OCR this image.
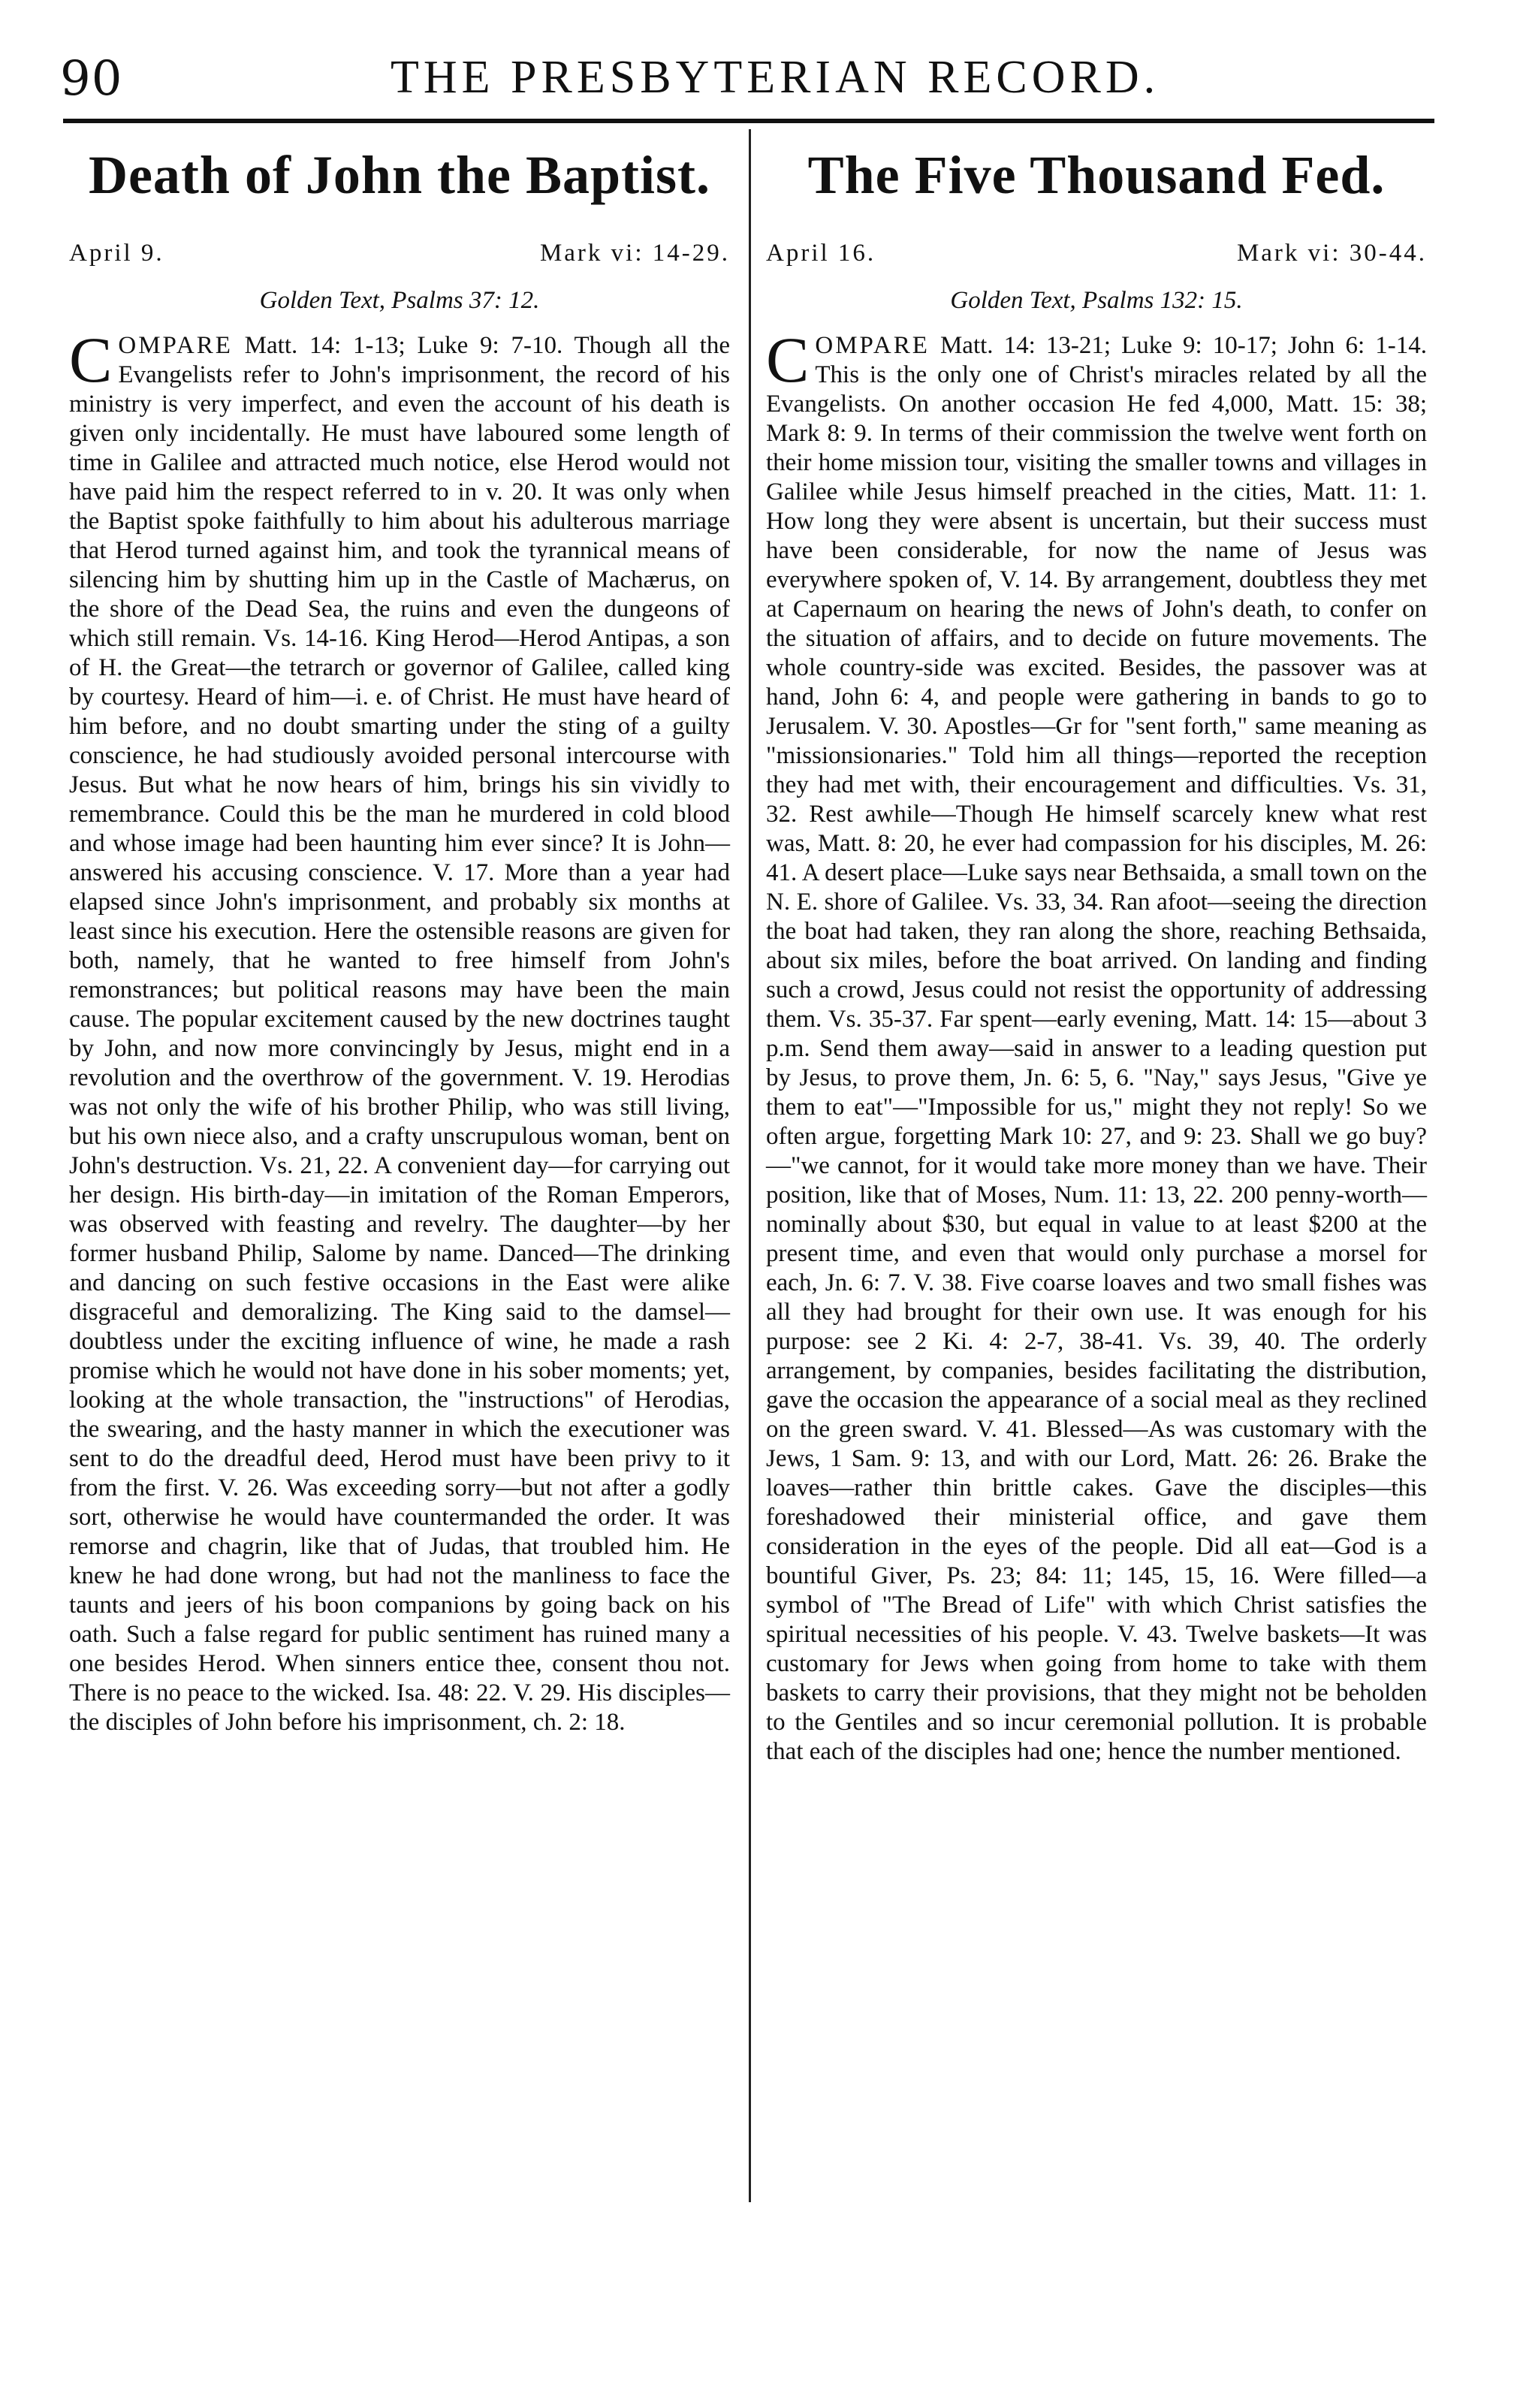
90	THE PRESBYTERIAN RECORD.
Death of John the Baptist.
April 9.	Mark vi: 14-29.
Golden Text, Psalms 37: 12.

COMPARE Matt. 14: 1-13; Luke 9: 7-10. Though all the Evangelists refer to John's imprisonment, the record of his ministry is very imperfect, and even the account of his death is given only incidentally. He must have laboured some length of time in Galilee and attracted much notice, else Herod would not have paid him the respect referred to in v. 20. It was only when the Baptist spoke faithfully to him about his adulterous marriage that Herod turned against him, and took the tyrannical means of silencing him by shutting him up in the Castle of Machærus, on the shore of the Dead Sea, the ruins and even the dungeons of which still remain. Vs. 14-16. King Herod—Herod Antipas, a son of H. the Great—the tetrarch or governor of Galilee, called king by courtesy. Heard of him—i. e. of Christ. He must have heard of him before, and no doubt smarting under the sting of a guilty conscience, he had studiously avoided personal intercourse with Jesus. But what he now hears of him, brings his sin vividly to remembrance. Could this be the man he murdered in cold blood and whose image had been haunting him ever since? It is John—answered his accusing conscience. V. 17. More than a year had elapsed since John's imprisonment, and probably six months at least since his execution. Here the ostensible reasons are given for both, namely, that he wanted to free himself from John's remonstrances; but political reasons may have been the main cause. The popular excitement caused by the new doctrines taught by John, and now more convincingly by Jesus, might end in a revolution and the overthrow of the government. V. 19. Herodias was not only the wife of his brother Philip, who was still living, but his own niece also, and a crafty unscrupulous woman, bent on John's destruction. Vs. 21, 22. A convenient day—for carrying out her design. His birth-day—in imitation of the Roman Emperors, was observed with feasting and revelry. The daughter—by her former husband Philip, Salome by name. Danced—The drinking and dancing on such festive occasions in the East were alike disgraceful and demoralizing. The King said to the damsel—doubtless under the exciting influence of wine, he made a rash promise which he would not have done in his sober moments; yet, looking at the whole transaction, the "instructions" of Herodias, the swearing, and the hasty manner in which the executioner was sent to do the dreadful deed, Herod must have been privy to it from the first. V. 26. Was exceeding sorry—but not after a godly sort, otherwise he would have countermanded the order. It was remorse and chagrin, like that of Judas, that troubled him. He knew he had done wrong, but had not the manliness to face the taunts and jeers of his boon companions by going back on his oath. Such a false regard for public sentiment has ruined many a one besides Herod. When sinners entice thee, consent thou not. There is no peace to the wicked. Isa. 48: 22. V. 29. His disciples—the disciples of John before his imprisonment, ch. 2: 18.

The Five Thousand Fed.
April 16.	Mark vi: 30-44.
Golden Text, Psalms 132: 15.

COMPARE Matt. 14: 13-21; Luke 9: 10-17; John 6: 1-14. This is the only one of Christ's miracles related by all the Evangelists. On another occasion He fed 4,000, Matt. 15: 38; Mark 8: 9. In terms of their commission the twelve went forth on their home mission tour, visiting the smaller towns and villages in Galilee while Jesus himself preached in the cities, Matt. 11: 1. How long they were absent is uncertain, but their success must have been considerable, for now the name of Jesus was everywhere spoken of, V. 14. By arrangement, doubtless they met at Capernaum on hearing the news of John's death, to confer on the situation of affairs, and to decide on future movements. The whole country-side was excited. Besides, the passover was at hand, John 6: 4, and people were gathering in bands to go to Jerusalem. V. 30. Apostles—Gr for "sent forth," same meaning as "missionsionaries." Told him all things—reported the reception they had met with, their encouragement and difficulties. Vs. 31, 32. Rest awhile—Though He himself scarcely knew what rest was, Matt. 8: 20, he ever had compassion for his disciples, M. 26: 41. A desert place—Luke says near Bethsaida, a small town on the N. E. shore of Galilee. Vs. 33, 34. Ran afoot—seeing the direction the boat had taken, they ran along the shore, reaching Bethsaida, about six miles, before the boat arrived. On landing and finding such a crowd, Jesus could not resist the opportunity of addressing them. Vs. 35-37. Far spent—early evening, Matt. 14: 15—about 3 p.m. Send them away—said in answer to a leading question put by Jesus, to prove them, Jn. 6: 5, 6. "Nay," says Jesus, "Give ye them to eat"—"Impossible for us," might they not reply! So we often argue, forgetting Mark 10: 27, and 9: 23. Shall we go buy?—"we cannot, for it would take more money than we have. Their position, like that of Moses, Num. 11: 13, 22. 200 penny-worth—nominally about $30, but equal in value to at least $200 at the present time, and even that would only purchase a morsel for each, Jn. 6: 7. V. 38. Five coarse loaves and two small fishes was all they had brought for their own use. It was enough for his purpose: see 2 Ki. 4: 2-7, 38-41. Vs. 39, 40. The orderly arrangement, by companies, besides facilitating the distribution, gave the occasion the appearance of a social meal as they reclined on the green sward. V. 41. Blessed—As was customary with the Jews, 1 Sam. 9: 13, and with our Lord, Matt. 26: 26. Brake the loaves—rather thin brittle cakes. Gave the disciples—this foreshadowed their ministerial office, and gave them consideration in the eyes of the people. Did all eat—God is a bountiful Giver, Ps. 23; 84: 11; 145, 15, 16. Were filled—a symbol of "The Bread of Life" with which Christ satisfies the spiritual necessities of his people. V. 43. Twelve baskets—It was customary for Jews when going from home to take with them baskets to carry their provisions, that they might not be beholden to the Gentiles and so incur ceremonial pollution. It is probable that each of the disciples had one; hence the number mentioned.
